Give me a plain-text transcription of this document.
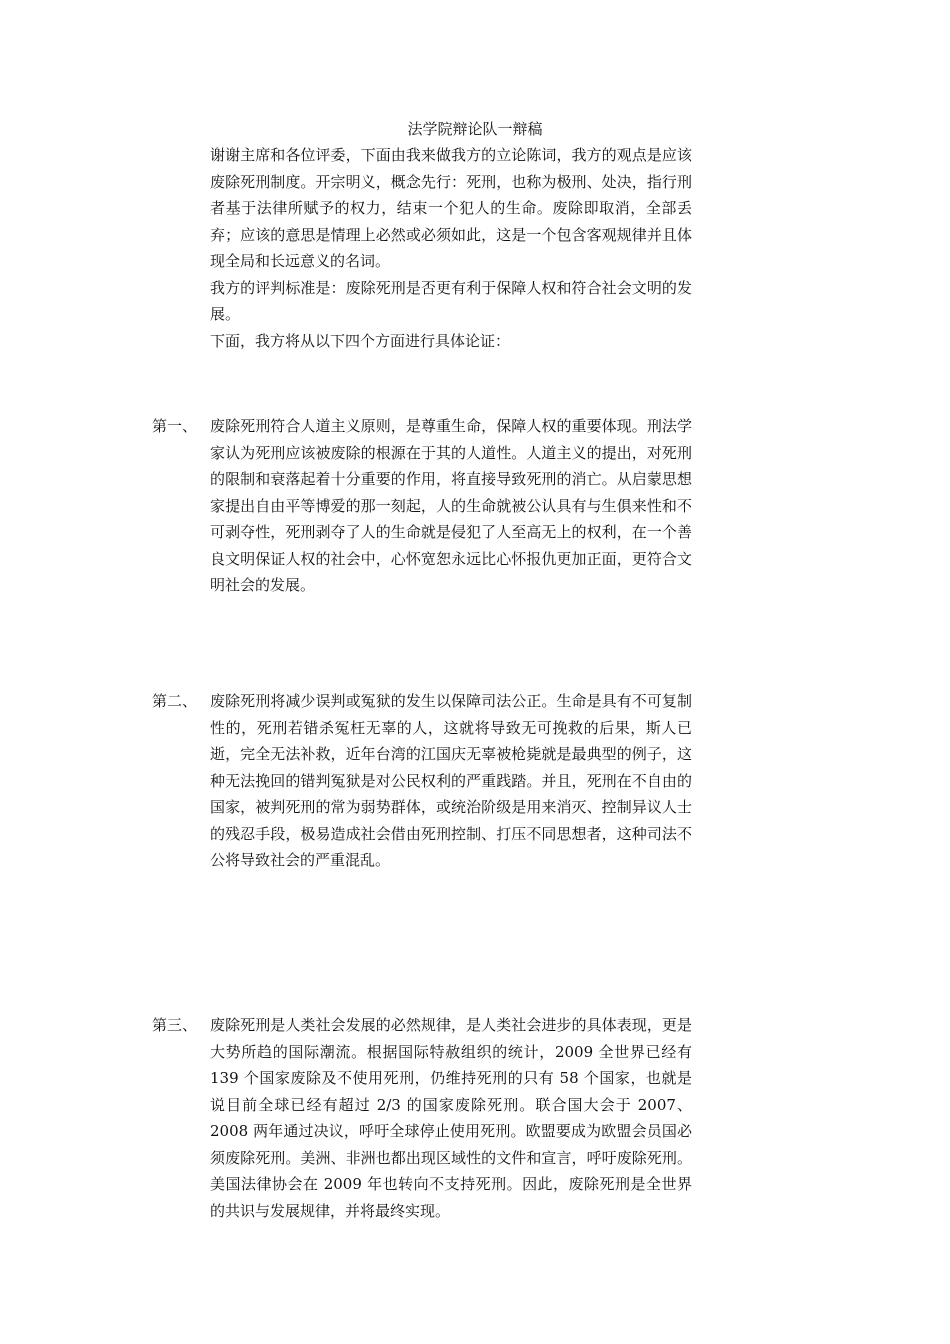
法学院辩论队一辩稿

谢谢主席和各位评委，下面由我来做我方的立论陈词，我方的观点是应该废除死刑制度。开宗明义，概念先行：死刑，也称为极刑、处决，指行刑者基于法律所赋予的权力，结束一个犯人的生命。废除即取消，全部丢弃；应该的意思是情理上必然或必须如此，这是一个包含客观规律并且体现全局和长远意义的名词。

我方的评判标准是：废除死刑是否更有利于保障人权和符合社会文明的发展。

下面，我方将从以下四个方面进行具体论证：

第一、 废除死刑符合人道主义原则，是尊重生命，保障人权的重要体现。刑法学家认为死刑应该被废除的根源在于其的人道性。人道主义的提出，对死刑的限制和衰落起着十分重要的作用，将直接导致死刑的消亡。从启蒙思想家提出自由平等博爱的那一刻起，人的生命就被公认具有与生俱来性和不可剥夺性，死刑剥夺了人的生命就是侵犯了人至高无上的权利，在一个善良文明保证人权的社会中，心怀宽恕永远比心怀报仇更加正面，更符合文明社会的发展。
第二、 废除死刑将减少误判或冤狱的发生以保障司法公正。生命是具有不可复制性的，死刑若错杀冤枉无辜的人，这就将导致无可挽救的后果，斯人已逝，完全无法补救，近年台湾的江国庆无辜被枪毙就是最典型的例子，这种无法挽回的错判冤狱是对公民权利的严重践踏。并且，死刑在不自由的国家，被判死刑的常为弱势群体，或统治阶级是用来消灭、控制异议人士的残忍手段，极易造成社会借由死刑控制、打压不同思想者，这种司法不公将导致社会的严重混乱。
第三、 废除死刑是人类社会发展的必然规律，是人类社会进步的具体表现，更是大势所趋的国际潮流。根据国际特赦组织的统计，2009 全世界已经有 139 个国家废除及不使用死刑，仍维持死刑的只有 58 个国家，也就是说目前全球已经有超过 2/3 的国家废除死刑。联合国大会于 2007、2008 两年通过决议，呼吁全球停止使用死刑。欧盟要成为欧盟会员国必须废除死刑。美洲、非洲也都出现区域性的文件和宣言，呼吁废除死刑。美国法律协会在 2009 年也转向不支持死刑。因此，废除死刑是全世界的共识与发展规律，并将最终实现。
